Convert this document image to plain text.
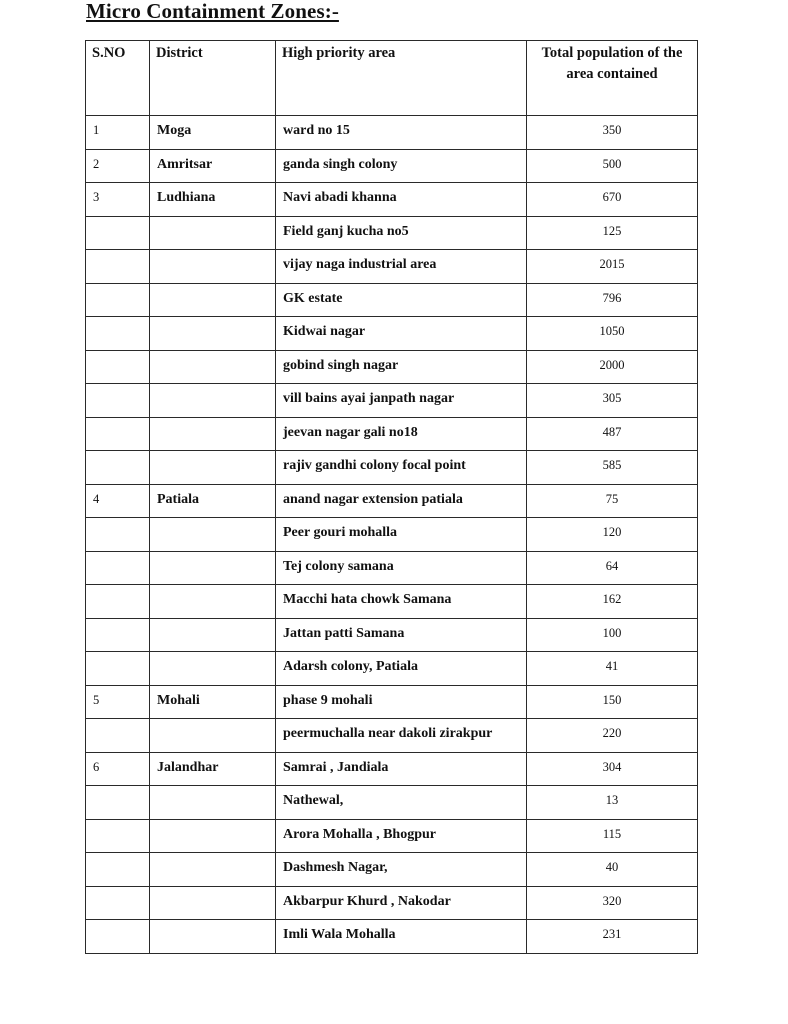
Micro Containment Zones:-
S.NO	District	High priority area	Total population of the area contained

1	Moga	ward no 15	350

2	Amritsar	ganda singh colony	500

3	Ludhiana	Navi abadi khanna	670

		Field ganj kucha no5	125

		vijay naga industrial area	2015

		GK estate	796

		Kidwai nagar	1050

		gobind singh nagar	2000

		vill bains ayai janpath nagar	305

		jeevan nagar gali no18	487

		rajiv gandhi colony focal point	585

4	Patiala	anand nagar extension patiala	75

		Peer gouri mohalla	120

		Tej colony samana	64

		Macchi hata chowk Samana	162

		Jattan patti Samana	100

		Adarsh colony, Patiala	41

5	Mohali	phase 9 mohali	150

		peermuchalla near dakoli zirakpur	220

6	Jalandhar	Samrai , Jandiala	304

		Nathewal,	13

		Arora Mohalla , Bhogpur	115

		Dashmesh Nagar,	40

		Akbarpur Khurd , Nakodar	320

		Imli Wala Mohalla	231
